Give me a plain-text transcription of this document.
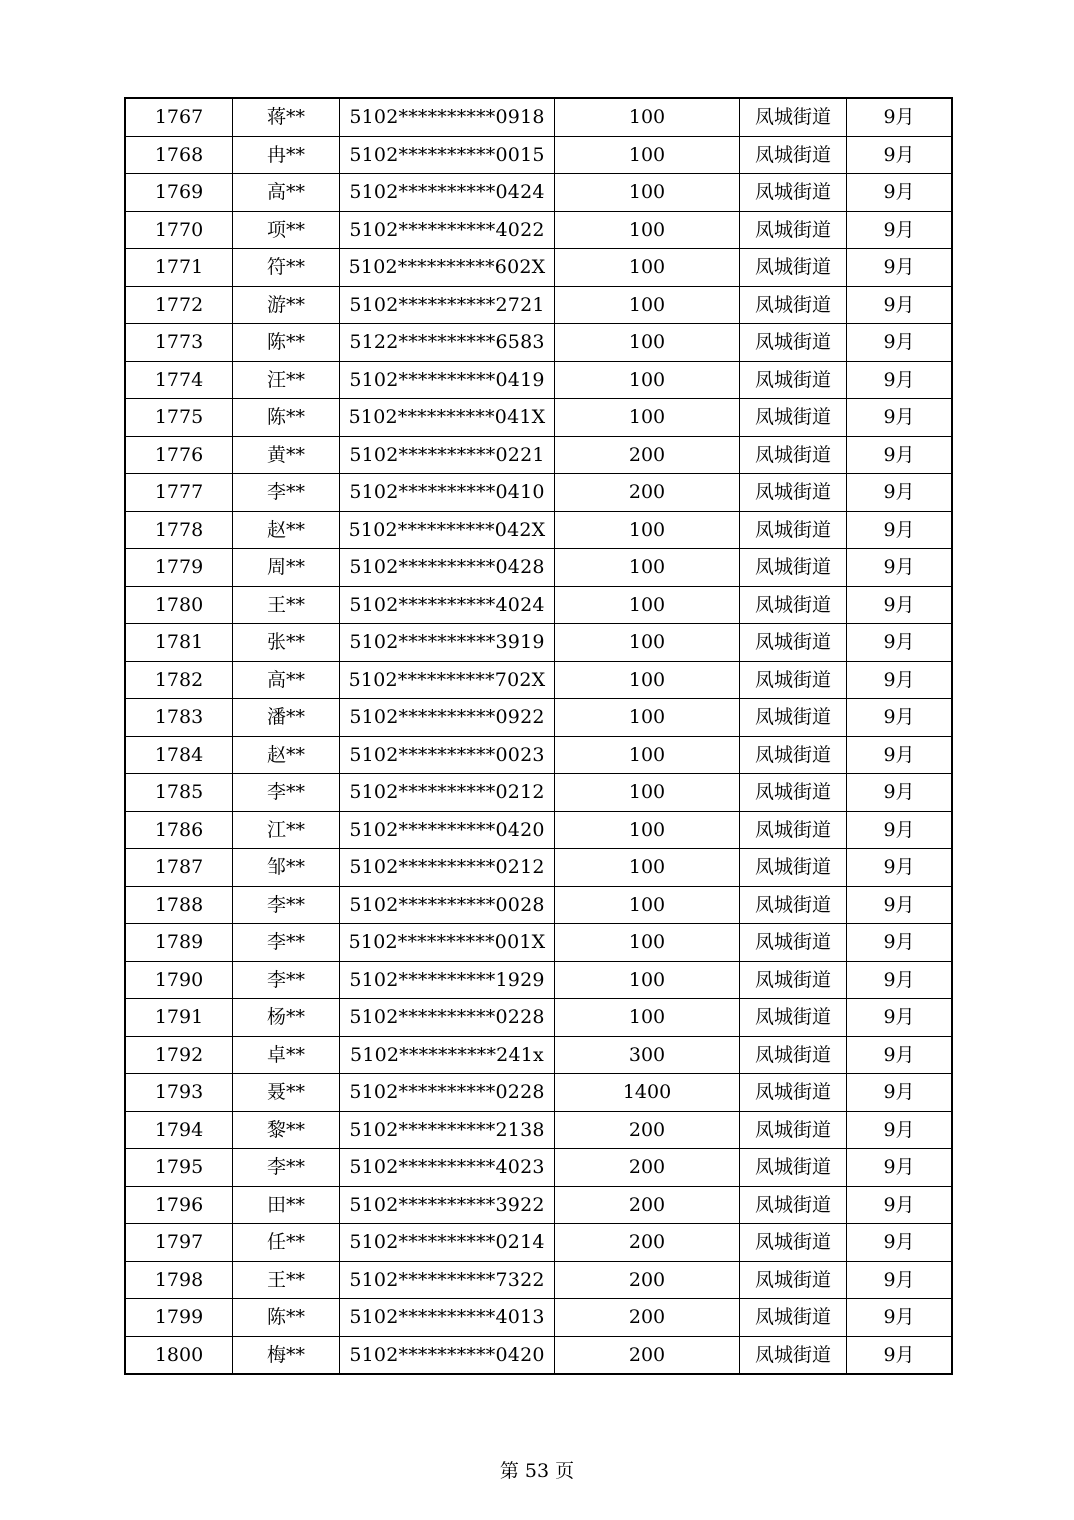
1767	蒋**	5102**********0918	100	凤城街道	9月
1768	冉**	5102**********0015	100	凤城街道	9月
1769	高**	5102**********0424	100	凤城街道	9月
1770	项**	5102**********4022	100	凤城街道	9月
1771	符**	5102**********602X	100	凤城街道	9月
1772	游**	5102**********2721	100	凤城街道	9月
1773	陈**	5122**********6583	100	凤城街道	9月
1774	汪**	5102**********0419	100	凤城街道	9月
1775	陈**	5102**********041X	100	凤城街道	9月
1776	黄**	5102**********0221	200	凤城街道	9月
1777	李**	5102**********0410	200	凤城街道	9月
1778	赵**	5102**********042X	100	凤城街道	9月
1779	周**	5102**********0428	100	凤城街道	9月
1780	王**	5102**********4024	100	凤城街道	9月
1781	张**	5102**********3919	100	凤城街道	9月
1782	高**	5102**********702X	100	凤城街道	9月
1783	潘**	5102**********0922	100	凤城街道	9月
1784	赵**	5102**********0023	100	凤城街道	9月
1785	李**	5102**********0212	100	凤城街道	9月
1786	江**	5102**********0420	100	凤城街道	9月
1787	邹**	5102**********0212	100	凤城街道	9月
1788	李**	5102**********0028	100	凤城街道	9月
1789	李**	5102**********001X	100	凤城街道	9月
1790	李**	5102**********1929	100	凤城街道	9月
1791	杨**	5102**********0228	100	凤城街道	9月
1792	卓**	5102**********241x	300	凤城街道	9月
1793	聂**	5102**********0228	1400	凤城街道	9月
1794	黎**	5102**********2138	200	凤城街道	9月
1795	李**	5102**********4023	200	凤城街道	9月
1796	田**	5102**********3922	200	凤城街道	9月
1797	任**	5102**********0214	200	凤城街道	9月
1798	王**	5102**********7322	200	凤城街道	9月
1799	陈**	5102**********4013	200	凤城街道	9月
1800	梅**	5102**********0420	200	凤城街道	9月
第 53 页
